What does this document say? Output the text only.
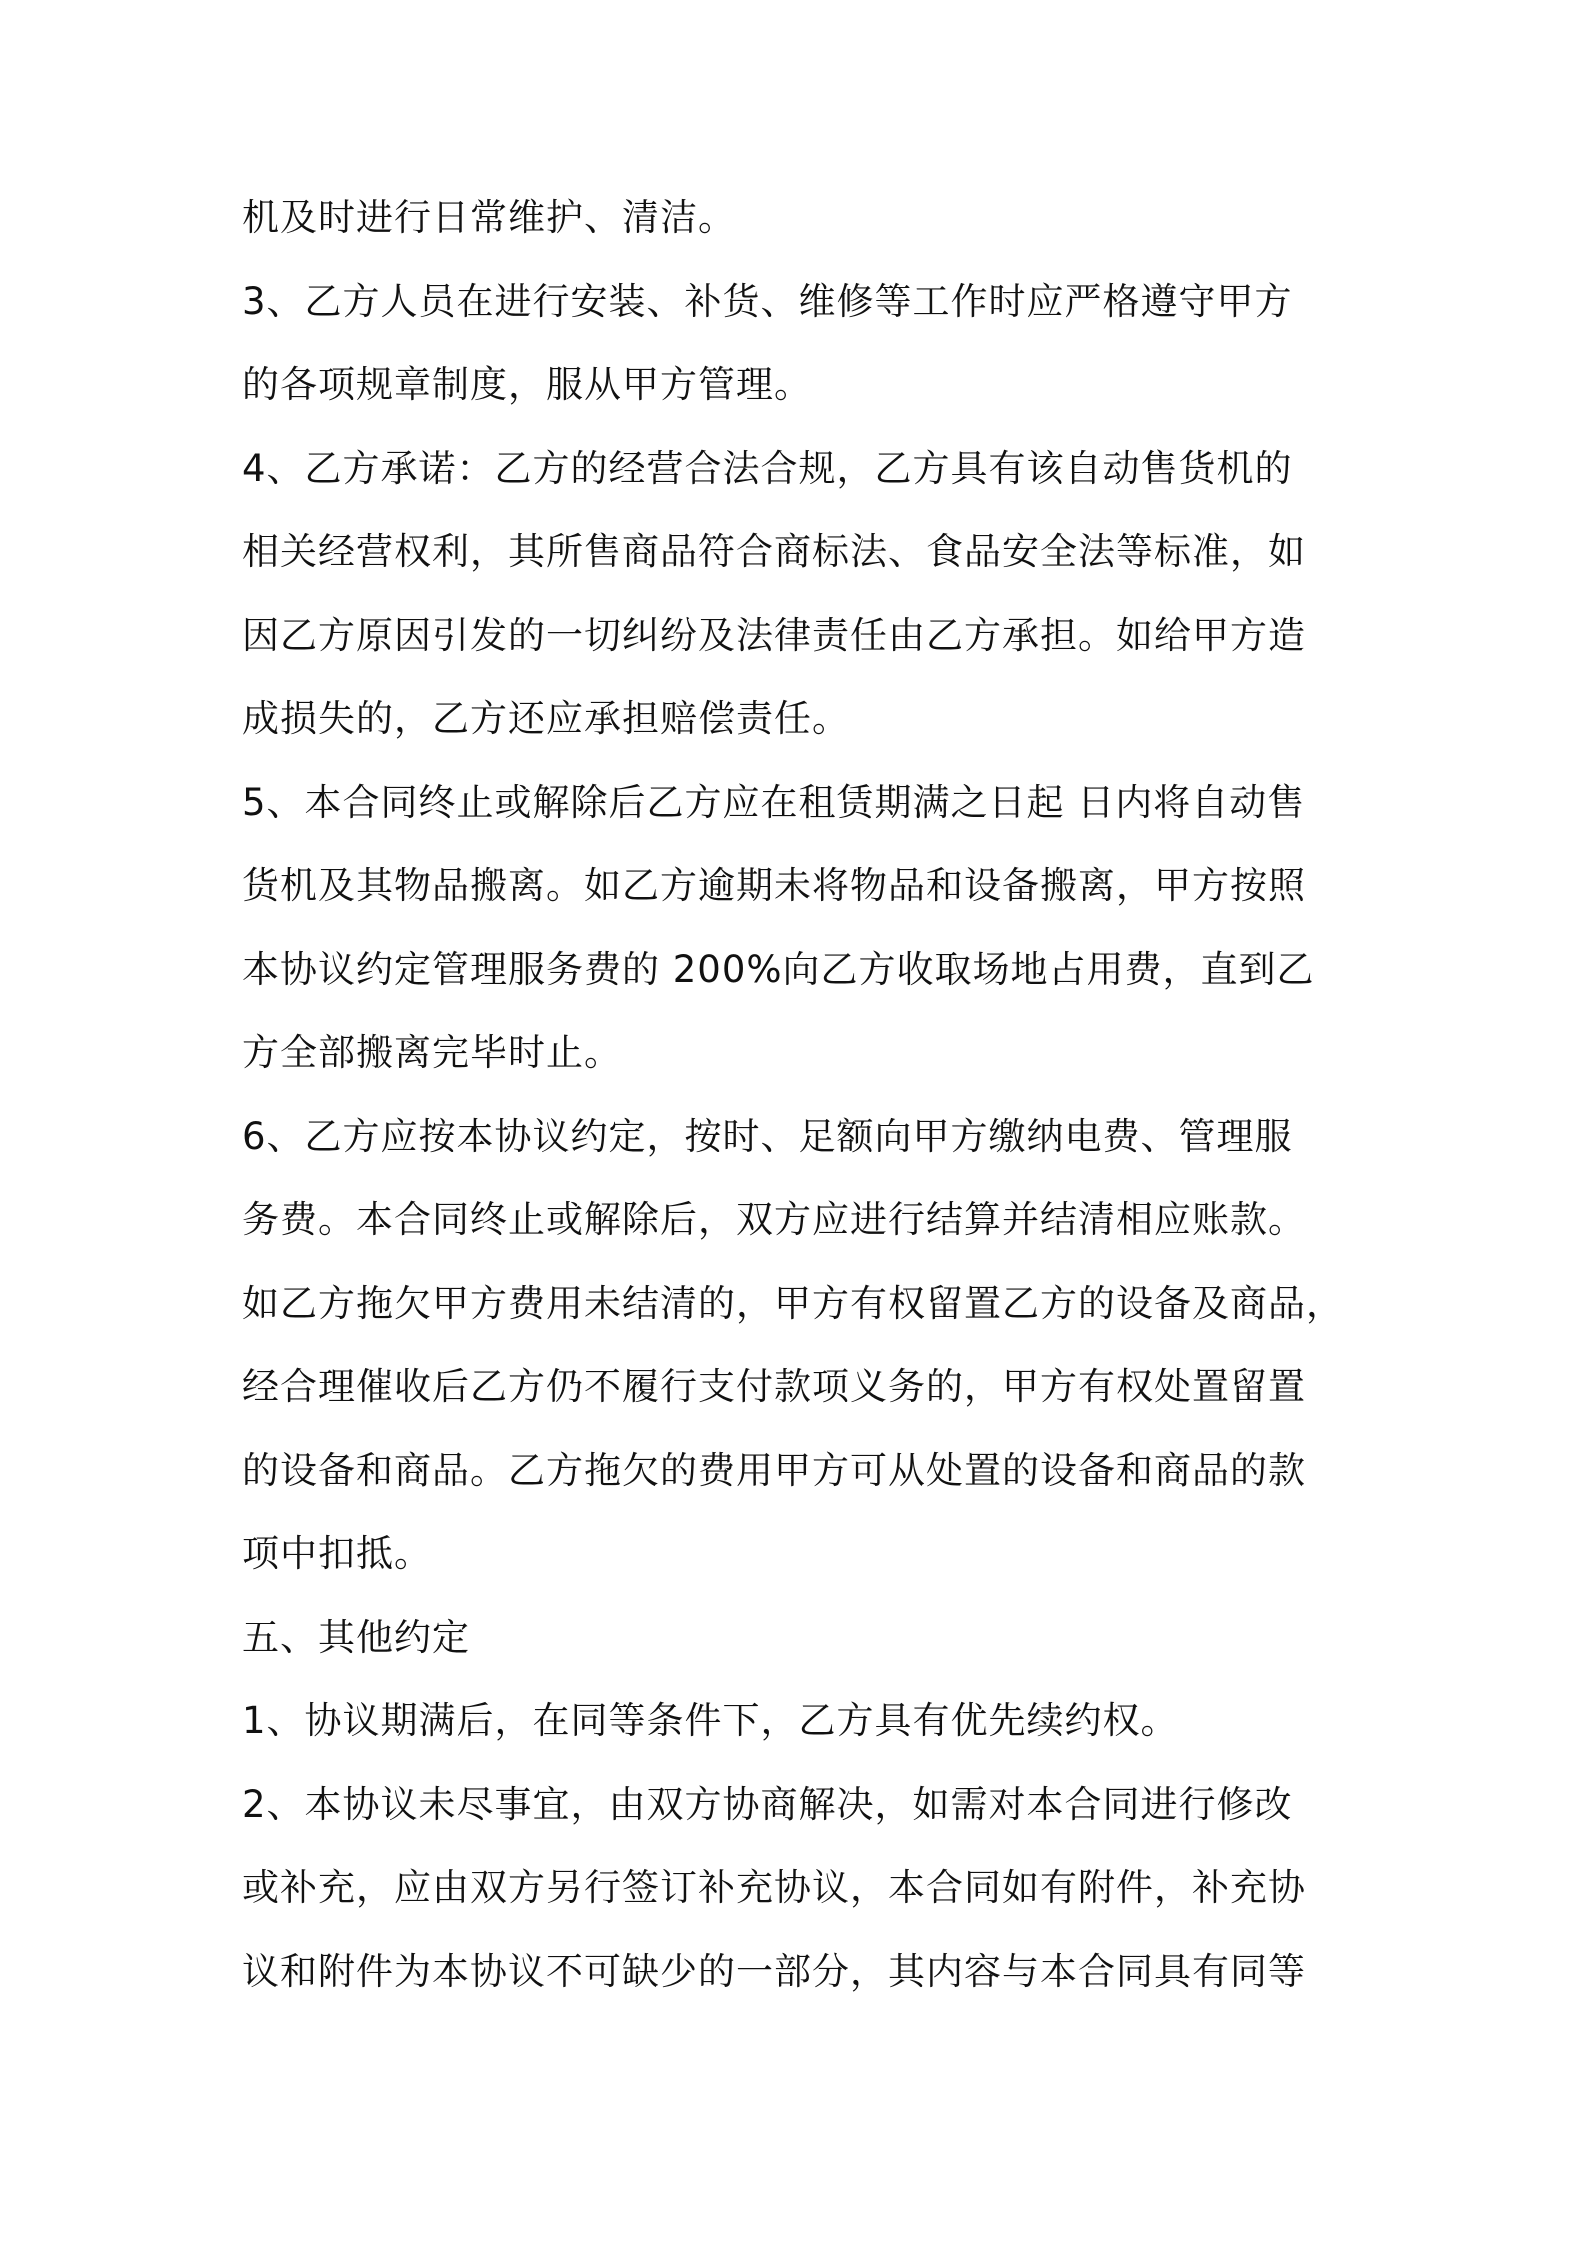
机及时进行日常维护、清洁。
3、乙方人员在进行安装、补货、维修等工作时应严格遵守甲方
的各项规章制度，服从甲方管理。
4、乙方承诺：乙方的经营合法合规，乙方具有该自动售货机的
相关经营权利，其所售商品符合商标法、食品安全法等标准，如
因乙方原因引发的一切纠纷及法律责任由乙方承担。如给甲方造
成损失的，乙方还应承担赔偿责任。
5、本合同终止或解除后乙方应在租赁期满之日起 日内将自动售
货机及其物品搬离。如乙方逾期未将物品和设备搬离，甲方按照
本协议约定管理服务费的 200%向乙方收取场地占用费，直到乙
方全部搬离完毕时止。
6、乙方应按本协议约定，按时、足额向甲方缴纳电费、管理服
务费。本合同终止或解除后，双方应进行结算并结清相应账款。
如乙方拖欠甲方费用未结清的，甲方有权留置乙方的设备及商品，
经合理催收后乙方仍不履行支付款项义务的，甲方有权处置留置
的设备和商品。乙方拖欠的费用甲方可从处置的设备和商品的款
项中扣抵。
五、其他约定
1、协议期满后，在同等条件下，乙方具有优先续约权。
2、本协议未尽事宜，由双方协商解决，如需对本合同进行修改
或补充，应由双方另行签订补充协议，本合同如有附件，补充协
议和附件为本协议不可缺少的一部分，其内容与本合同具有同等
